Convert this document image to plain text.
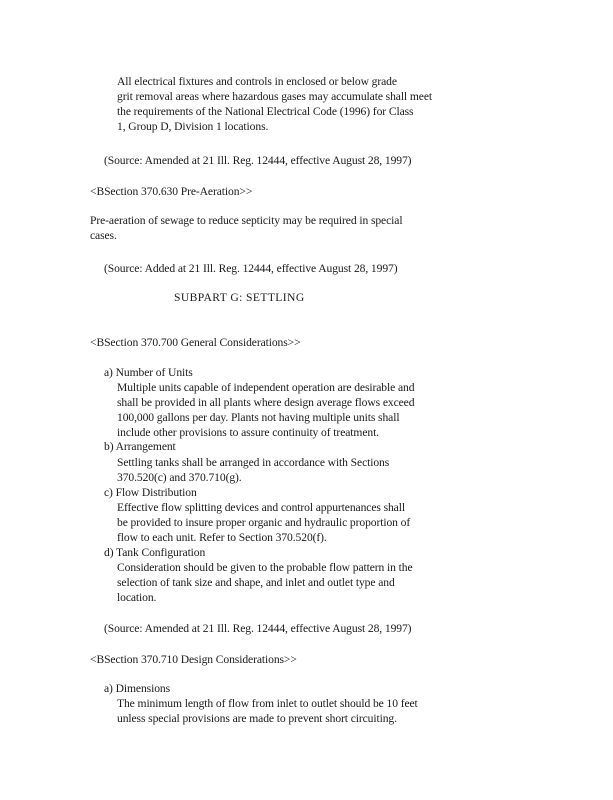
All electrical fixtures and controls in enclosed or below grade
grit removal areas where hazardous gases may accumulate shall meet
the requirements of the National Electrical Code (1996) for Class
1, Group D, Division 1 locations.
(Source: Amended at 21 Ill. Reg. 12444, effective August 28, 1997)
<BSection 370.630 Pre-Aeration>>
Pre-aeration of sewage to reduce septicity may be required in special
cases.
(Source: Added at 21 Ill. Reg. 12444, effective August 28, 1997)
SUBPART G: SETTLING
<BSection 370.700 General Considerations>>
a) Number of Units
Multiple units capable of independent operation are desirable and
shall be provided in all plants where design average flows exceed
100,000 gallons per day. Plants not having multiple units shall
include other provisions to assure continuity of treatment.
b) Arrangement
Settling tanks shall be arranged in accordance with Sections
370.520(c) and 370.710(g).
c) Flow Distribution
Effective flow splitting devices and control appurtenances shall
be provided to insure proper organic and hydraulic proportion of
flow to each unit. Refer to Section 370.520(f).
d) Tank Configuration
Consideration should be given to the probable flow pattern in the
selection of tank size and shape, and inlet and outlet type and
location.
(Source: Amended at 21 Ill. Reg. 12444, effective August 28, 1997)
<BSection 370.710 Design Considerations>>
a) Dimensions
The minimum length of flow from inlet to outlet should be 10 feet
unless special provisions are made to prevent short circuiting.
